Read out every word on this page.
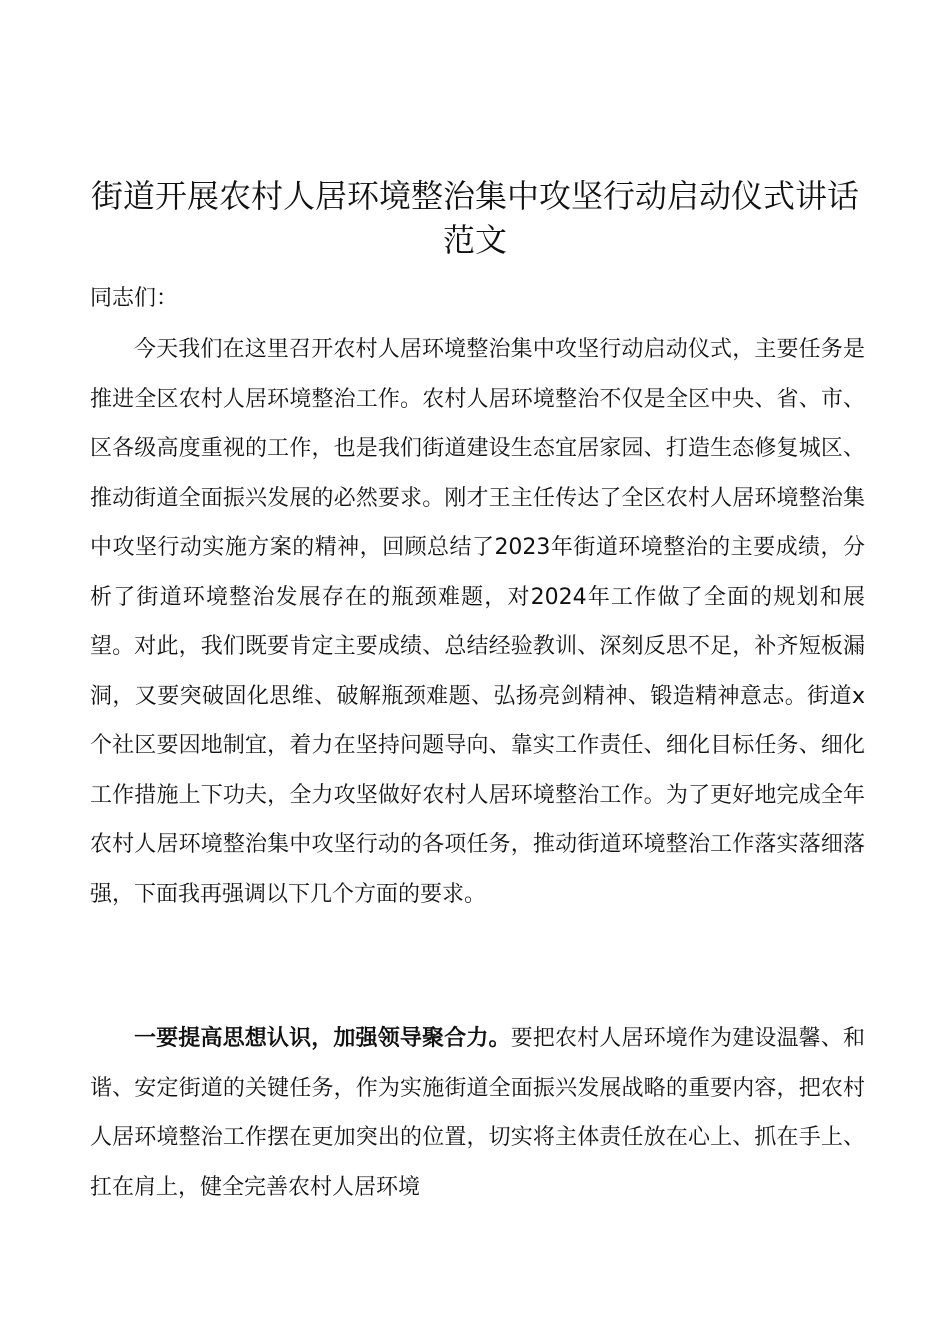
街道开展农村人居环境整治集中攻坚行动启动仪式讲话范文

同志们：

今天我们在这里召开农村人居环境整治集中攻坚行动启动仪式，主要任务是推进全区农村人居环境整治工作。农村人居环境整治不仅是全区中央、省、市、区各级高度重视的工作，也是我们街道建设生态宜居家园、打造生态修复城区、推动街道全面振兴发展的必然要求。刚才王主任传达了全区农村人居环境整治集中攻坚行动实施方案的精神，回顾总结了2023年街道环境整治的主要成绩，分析了街道环境整治发展存在的瓶颈难题，对2024年工作做了全面的规划和展望。对此，我们既要肯定主要成绩、总结经验教训、深刻反思不足，补齐短板漏洞，又要突破固化思维、破解瓶颈难题、弘扬亮剑精神、锻造精神意志。街道x个社区要因地制宜，着力在坚持问题导向、靠实工作责任、细化目标任务、细化工作措施上下功夫，全力攻坚做好农村人居环境整治工作。为了更好地完成全年农村人居环境整治集中攻坚行动的各项任务，推动街道环境整治工作落实落细落强，下面我再强调以下几个方面的要求。

一要提高思想认识，加强领导聚合力。要把农村人居环境作为建设温馨、和谐、安定街道的关键任务，作为实施街道全面振兴发展战略的重要内容，把农村人居环境整治工作摆在更加突出的位置，切实将主体责任放在心上、抓在手上、扛在肩上，健全完善农村人居环境
